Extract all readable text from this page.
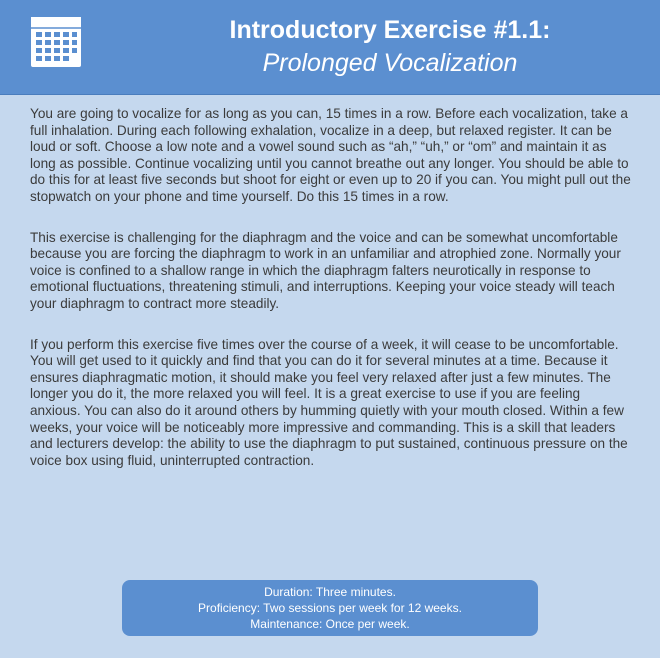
Introductory Exercise #1.1:
Prolonged Vocalization

You are going to vocalize for as long as you can, 15 times in a row. Before each vocalization, take a full inhalation. During each following exhalation, vocalize in a deep, but relaxed register. It can be loud or soft. Choose a low note and a vowel sound such as “ah,” “uh,” or “om” and maintain it as long as possible. Continue vocalizing until you cannot breathe out any longer. You should be able to do this for at least five seconds but shoot for eight or even up to 20 if you can. You might pull out the stopwatch on your phone and time yourself. Do this 15 times in a row.

This exercise is challenging for the diaphragm and the voice and can be somewhat uncomfortable because you are forcing the diaphragm to work in an unfamiliar and atrophied zone. Normally your voice is confined to a shallow range in which the diaphragm falters neurotically in response to emotional fluctuations, threatening stimuli, and interruptions. Keeping your voice steady will teach your diaphragm to contract more steadily.

If you perform this exercise five times over the course of a week, it will cease to be uncomfortable. You will get used to it quickly and find that you can do it for several minutes at a time. Because it ensures diaphragmatic motion, it should make you feel very relaxed after just a few minutes. The longer you do it, the more relaxed you will feel. It is a great exercise to use if you are feeling anxious. You can also do it around others by humming quietly with your mouth closed. Within a few weeks, your voice will be noticeably more impressive and commanding. This is a skill that leaders and lecturers develop: the ability to use the diaphragm to put sustained, continuous pressure on the voice box using fluid, uninterrupted contraction.

Duration: Three minutes.
Proficiency: Two sessions per week for 12 weeks.
Maintenance: Once per week.
